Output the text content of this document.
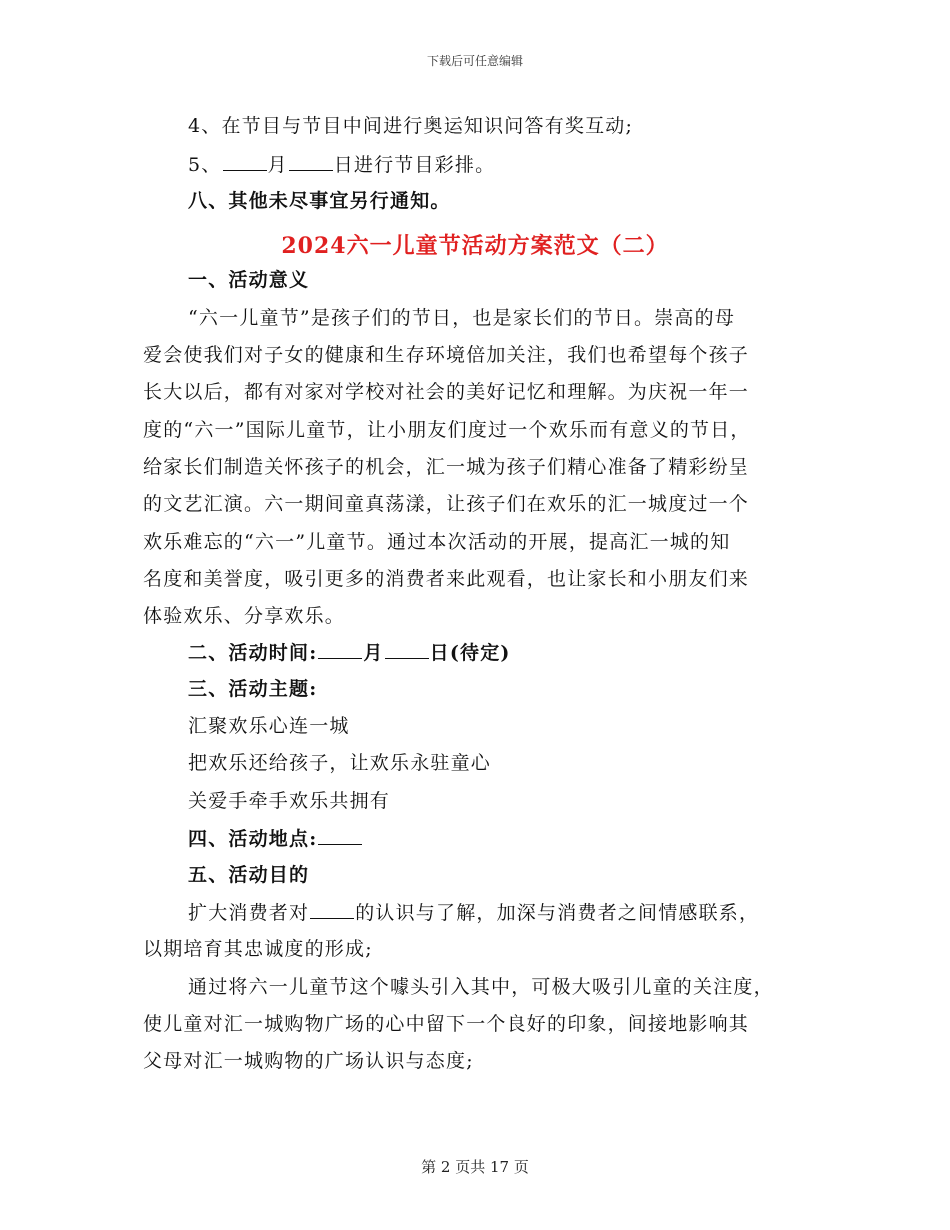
下载后可任意编辑
4、在节目与节目中间进行奥运知识问答有奖互动;
5、 月 日进行节目彩排。
八、其他未尽事宜另行通知。
2024六一儿童节活动方案范文（二）
一、活动意义
“六一儿童节”是孩子们的节日，也是家长们的节日。崇高的母
爱会使我们对子女的健康和生存环境倍加关注，我们也希望每个孩子
长大以后，都有对家对学校对社会的美好记忆和理解。为庆祝一年一
度的“六一”国际儿童节，让小朋友们度过一个欢乐而有意义的节日，
给家长们制造关怀孩子的机会，汇一城为孩子们精心准备了精彩纷呈
的文艺汇演。六一期间童真荡漾，让孩子们在欢乐的汇一城度过一个
欢乐难忘的“六一”儿童节。通过本次活动的开展，提高汇一城的知
名度和美誉度，吸引更多的消费者来此观看，也让家长和小朋友们来
体验欢乐、分享欢乐。
二、活动时间: 月 日(待定)
三、活动主题:
汇聚欢乐心连一城
把欢乐还给孩子，让欢乐永驻童心
关爱手牵手欢乐共拥有
四、活动地点:
五、活动目的
扩大消费者对 的认识与了解，加深与消费者之间情感联系，
以期培育其忠诚度的形成;
通过将六一儿童节这个噱头引入其中，可极大吸引儿童的关注度，
使儿童对汇一城购物广场的心中留下一个良好的印象，间接地影响其
父母对汇一城购物的广场认识与态度;
第 2 页共 17 页
